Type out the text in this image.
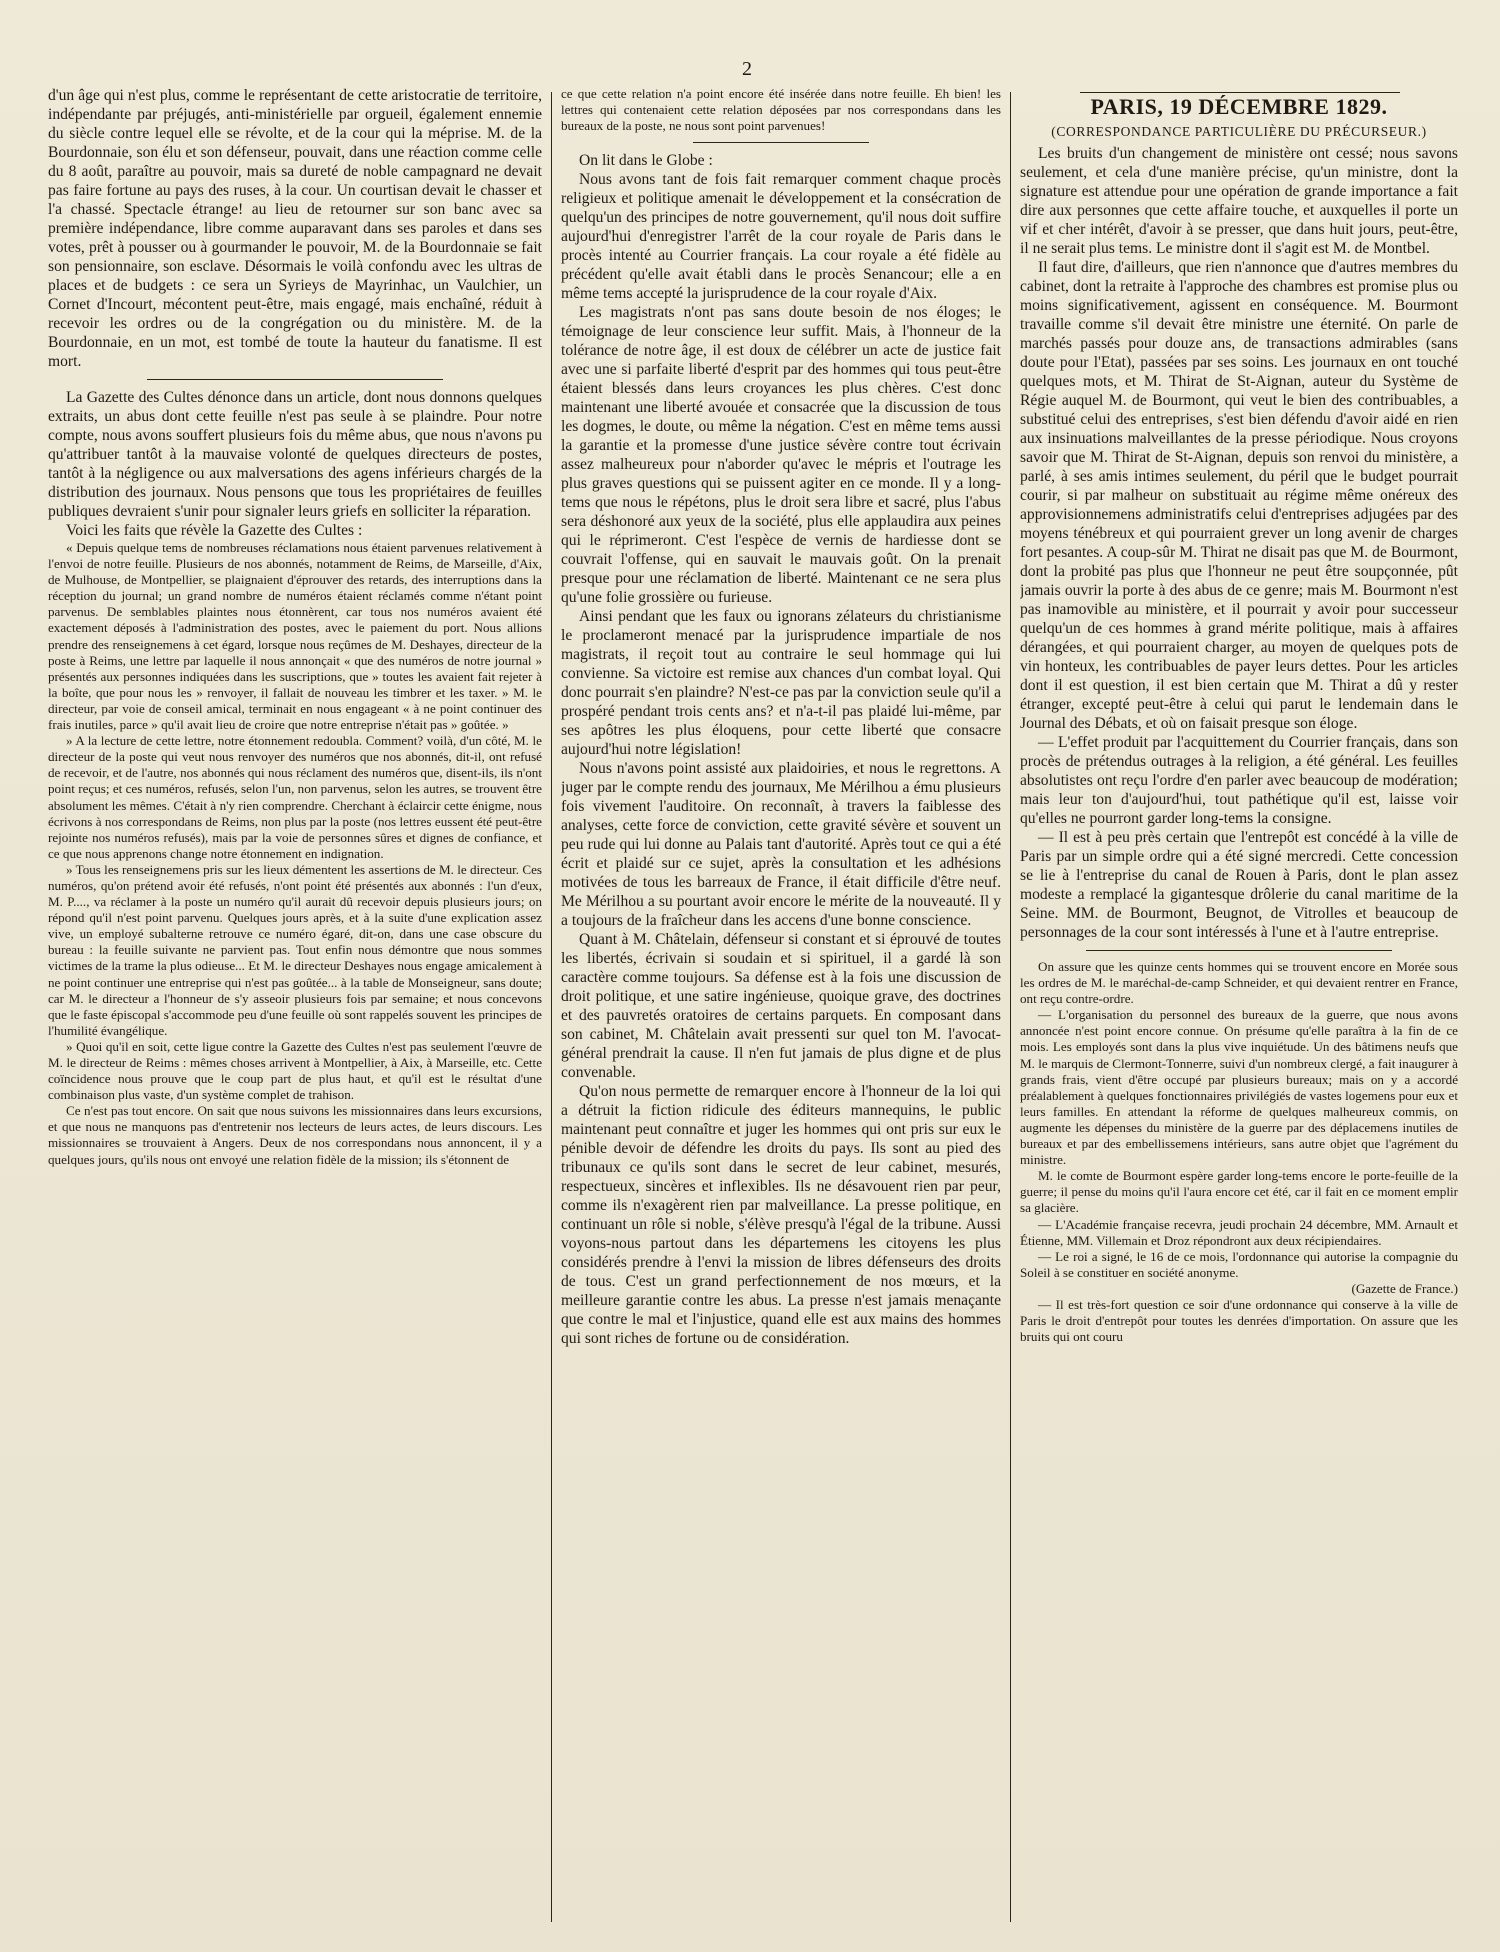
2

d'un âge qui n'est plus, comme le représentant de cette aristocratie de territoire, indépendante par préjugés, anti-ministérielle par orgueil, également ennemie du siècle contre lequel elle se révolte, et de la cour qui la méprise. M. de la Bourdonnaie, son élu et son défenseur, pouvait, dans une réaction comme celle du 8 août, paraître au pouvoir, mais sa dureté de noble campagnard ne devait pas faire fortune au pays des ruses, à la cour. Un courtisan devait le chasser et l'a chassé. Spectacle étrange! au lieu de retourner sur son banc avec sa première indépendance, libre comme auparavant dans ses paroles et dans ses votes, prêt à pousser ou à gourmander le pouvoir, M. de la Bourdonnaie se fait son pensionnaire, son esclave. Désormais le voilà confondu avec les ultras de places et de budgets : ce sera un Syrieys de Mayrinhac, un Vaulchier, un Cornet d'Incourt, mécontent peut-être, mais engagé, mais enchaîné, réduit à recevoir les ordres ou de la congrégation ou du ministère. M. de la Bourdonnaie, en un mot, est tombé de toute la hauteur du fanatisme. Il est mort.

La Gazette des Cultes dénonce dans un article, dont nous donnons quelques extraits, un abus dont cette feuille n'est pas seule à se plaindre. Pour notre compte, nous avons souffert plusieurs fois du même abus, que nous n'avons pu qu'attribuer tantôt à la mauvaise volonté de quelques directeurs de postes, tantôt à la négligence ou aux malversations des agens inférieurs chargés de la distribution des journaux. Nous pensons que tous les propriétaires de feuilles publiques devraient s'unir pour signaler leurs griefs en solliciter la réparation.

Voici les faits que révèle la Gazette des Cultes :

« Depuis quelque tems de nombreuses réclamations nous étaient parvenues relativement à l'envoi de notre feuille. Plusieurs de nos abonnés, notamment de Reims, de Marseille, d'Aix, de Mulhouse, de Montpellier, se plaignaient d'éprouver des retards, des interruptions dans la réception du journal; un grand nombre de numéros étaient réclamés comme n'étant point parvenus. De semblables plaintes nous étonnèrent, car tous nos numéros avaient été exactement déposés à l'administration des postes, avec le paiement du port. Nous allions prendre des renseignemens à cet égard, lorsque nous reçûmes de M. Deshayes, directeur de la poste à Reims, une lettre par laquelle il nous annonçait « que des numéros de notre journal » présentés aux personnes indiquées dans les suscriptions, que » toutes les avaient fait rejeter à la boîte, que pour nous les » renvoyer, il fallait de nouveau les timbrer et les taxer. » M. le directeur, par voie de conseil amical, terminait en nous engageant « à ne point continuer des frais inutiles, parce » qu'il avait lieu de croire que notre entreprise n'était pas » goûtée. »

» A la lecture de cette lettre, notre étonnement redoubla. Comment? voilà, d'un côté, M. le directeur de la poste qui veut nous renvoyer des numéros que nos abonnés, dit-il, ont refusé de recevoir, et de l'autre, nos abonnés qui nous réclament des numéros que, disent-ils, ils n'ont point reçus; et ces numéros, refusés, selon l'un, non parvenus, selon les autres, se trouvent être absolument les mêmes. C'était à n'y rien comprendre. Cherchant à éclaircir cette énigme, nous écrivons à nos correspondans de Reims, non plus par la poste (nos lettres eussent été peut-être rejointe nos numéros refusés), mais par la voie de personnes sûres et dignes de confiance, et ce que nous apprenons change notre étonnement en indignation.

» Tous les renseignemens pris sur les lieux démentent les assertions de M. le directeur. Ces numéros, qu'on prétend avoir été refusés, n'ont point été présentés aux abonnés : l'un d'eux, M. P...., va réclamer à la poste un numéro qu'il aurait dû recevoir depuis plusieurs jours; on répond qu'il n'est point parvenu. Quelques jours après, et à la suite d'une explication assez vive, un employé subalterne retrouve ce numéro égaré, dit-on, dans une case obscure du bureau : la feuille suivante ne parvient pas. Tout enfin nous démontre que nous sommes victimes de la trame la plus odieuse... Et M. le directeur Deshayes nous engage amicalement à ne point continuer une entreprise qui n'est pas goûtée... à la table de Monseigneur, sans doute; car M. le directeur a l'honneur de s'y asseoir plusieurs fois par semaine; et nous concevons que le faste épiscopal s'accommode peu d'une feuille où sont rappelés souvent les principes de l'humilité évangélique.

» Quoi qu'il en soit, cette ligue contre la Gazette des Cultes n'est pas seulement l'œuvre de M. le directeur de Reims : mêmes choses arrivent à Montpellier, à Aix, à Marseille, etc. Cette coïncidence nous prouve que le coup part de plus haut, et qu'il est le résultat d'une combinaison plus vaste, d'un système complet de trahison.

Ce n'est pas tout encore. On sait que nous suivons les missionnaires dans leurs excursions, et que nous ne manquons pas d'entretenir nos lecteurs de leurs actes, de leurs discours. Les missionnaires se trouvaient à Angers. Deux de nos correspondans nous annoncent, il y a quelques jours, qu'ils nous ont envoyé une relation fidèle de la mission; ils s'étonnent de

ce que cette relation n'a point encore été insérée dans notre feuille. Eh bien! les lettres qui contenaient cette relation déposées par nos correspondans dans les bureaux de la poste, ne nous sont point parvenues!

On lit dans le Globe :

Nous avons tant de fois fait remarquer comment chaque procès religieux et politique amenait le développement et la consécration de quelqu'un des principes de notre gouvernement, qu'il nous doit suffire aujourd'hui d'enregistrer l'arrêt de la cour royale de Paris dans le procès intenté au Courrier français. La cour royale a été fidèle au précédent qu'elle avait établi dans le procès Senancour; elle a en même tems accepté la jurisprudence de la cour royale d'Aix.

Les magistrats n'ont pas sans doute besoin de nos éloges; le témoignage de leur conscience leur suffit. Mais, à l'honneur de la tolérance de notre âge, il est doux de célébrer un acte de justice fait avec une si parfaite liberté d'esprit par des hommes qui tous peut-être étaient blessés dans leurs croyances les plus chères. C'est donc maintenant une liberté avouée et consacrée que la discussion de tous les dogmes, le doute, ou même la négation. C'est en même tems aussi la garantie et la promesse d'une justice sévère contre tout écrivain assez malheureux pour n'aborder qu'avec le mépris et l'outrage les plus graves questions qui se puissent agiter en ce monde. Il y a long-tems que nous le répétons, plus le droit sera libre et sacré, plus l'abus sera déshonoré aux yeux de la société, plus elle applaudira aux peines qui le réprimeront. C'est l'espèce de vernis de hardiesse dont se couvrait l'offense, qui en sauvait le mauvais goût. On la prenait presque pour une réclamation de liberté. Maintenant ce ne sera plus qu'une folie grossière ou furieuse.

Ainsi pendant que les faux ou ignorans zélateurs du christianisme le proclameront menacé par la jurisprudence impartiale de nos magistrats, il reçoit tout au contraire le seul hommage qui lui convienne. Sa victoire est remise aux chances d'un combat loyal. Qui donc pourrait s'en plaindre? N'est-ce pas par la conviction seule qu'il a prospéré pendant trois cents ans? et n'a-t-il pas plaidé lui-même, par ses apôtres les plus éloquens, pour cette liberté que consacre aujourd'hui notre législation!

Nous n'avons point assisté aux plaidoiries, et nous le regrettons. A juger par le compte rendu des journaux, Me Mérilhou a ému plusieurs fois vivement l'auditoire. On reconnaît, à travers la faiblesse des analyses, cette force de conviction, cette gravité sévère et souvent un peu rude qui lui donne au Palais tant d'autorité. Après tout ce qui a été écrit et plaidé sur ce sujet, après la consultation et les adhésions motivées de tous les barreaux de France, il était difficile d'être neuf. Me Mérilhou a su pourtant avoir encore le mérite de la nouveauté. Il y a toujours de la fraîcheur dans les accens d'une bonne conscience.

Quant à M. Châtelain, défenseur si constant et si éprouvé de toutes les libertés, écrivain si soudain et si spirituel, il a gardé là son caractère comme toujours. Sa défense est à la fois une discussion de droit politique, et une satire ingénieuse, quoique grave, des doctrines et des pauvretés oratoires de certains parquets. En composant dans son cabinet, M. Châtelain avait pressenti sur quel ton M. l'avocat-général prendrait la cause. Il n'en fut jamais de plus digne et de plus convenable.

Qu'on nous permette de remarquer encore à l'honneur de la loi qui a détruit la fiction ridicule des éditeurs mannequins, le public maintenant peut connaître et juger les hommes qui ont pris sur eux le pénible devoir de défendre les droits du pays. Ils sont au pied des tribunaux ce qu'ils sont dans le secret de leur cabinet, mesurés, respectueux, sincères et inflexibles. Ils ne désavouent rien par peur, comme ils n'exagèrent rien par malveillance. La presse politique, en continuant un rôle si noble, s'élève presqu'à l'égal de la tribune. Aussi voyons-nous partout dans les départemens les citoyens les plus considérés prendre à l'envi la mission de libres défenseurs des droits de tous. C'est un grand perfectionnement de nos mœurs, et la meilleure garantie contre les abus. La presse n'est jamais menaçante que contre le mal et l'injustice, quand elle est aux mains des hommes qui sont riches de fortune ou de considération.

PARIS, 19 DÉCEMBRE 1829.
(CORRESPONDANCE PARTICULIÈRE DU PRÉCURSEUR.)

Les bruits d'un changement de ministère ont cessé; nous savons seulement, et cela d'une manière précise, qu'un ministre, dont la signature est attendue pour une opération de grande importance a fait dire aux personnes que cette affaire touche, et auxquelles il porte un vif et cher intérêt, d'avoir à se presser, que dans huit jours, peut-être, il ne serait plus tems. Le ministre dont il s'agit est M. de Montbel.

Il faut dire, d'ailleurs, que rien n'annonce que d'autres membres du cabinet, dont la retraite à l'approche des chambres est promise plus ou moins significativement, agissent en conséquence. M. Bourmont travaille comme s'il devait être ministre une éternité. On parle de marchés passés pour douze ans, de transactions admirables (sans doute pour l'Etat), passées par ses soins. Les journaux en ont touché quelques mots, et M. Thirat de St-Aignan, auteur du Système de Régie auquel M. de Bourmont, qui veut le bien des contribuables, a substitué celui des entreprises, s'est bien défendu d'avoir aidé en rien aux insinuations malveillantes de la presse périodique. Nous croyons savoir que M. Thirat de St-Aignan, depuis son renvoi du ministère, a parlé, à ses amis intimes seulement, du péril que le budget pourrait courir, si par malheur on substituait au régime même onéreux des approvisionnemens administratifs celui d'entreprises adjugées par des moyens ténébreux et qui pourraient grever un long avenir de charges fort pesantes. A coup-sûr M. Thirat ne disait pas que M. de Bourmont, dont la probité pas plus que l'honneur ne peut être soupçonnée, pût jamais ouvrir la porte à des abus de ce genre; mais M. Bourmont n'est pas inamovible au ministère, et il pourrait y avoir pour successeur quelqu'un de ces hommes à grand mérite politique, mais à affaires dérangées, et qui pourraient charger, au moyen de quelques pots de vin honteux, les contribuables de payer leurs dettes. Pour les articles dont il est question, il est bien certain que M. Thirat a dû y rester étranger, excepté peut-être à celui qui parut le lendemain dans le Journal des Débats, et où on faisait presque son éloge.

— L'effet produit par l'acquittement du Courrier français, dans son procès de prétendus outrages à la religion, a été général. Les feuilles absolutistes ont reçu l'ordre d'en parler avec beaucoup de modération; mais leur ton d'aujourd'hui, tout pathétique qu'il est, laisse voir qu'elles ne pourront garder long-tems la consigne.

— Il est à peu près certain que l'entrepôt est concédé à la ville de Paris par un simple ordre qui a été signé mercredi. Cette concession se lie à l'entreprise du canal de Rouen à Paris, dont le plan assez modeste a remplacé la gigantesque drôlerie du canal maritime de la Seine. MM. de Bourmont, Beugnot, de Vitrolles et beaucoup de personnages de la cour sont intéressés à l'une et à l'autre entreprise.

On assure que les quinze cents hommes qui se trouvent encore en Morée sous les ordres de M. le maréchal-de-camp Schneider, et qui devaient rentrer en France, ont reçu contre-ordre.

— L'organisation du personnel des bureaux de la guerre, que nous avons annoncée n'est point encore connue. On présume qu'elle paraîtra à la fin de ce mois. Les employés sont dans la plus vive inquiétude. Un des bâtimens neufs que M. le marquis de Clermont-Tonnerre, suivi d'un nombreux clergé, a fait inaugurer à grands frais, vient d'être occupé par plusieurs bureaux; mais on y a accordé préalablement à quelques fonctionnaires privilégiés de vastes logemens pour eux et leurs familles. En attendant la réforme de quelques malheureux commis, on augmente les dépenses du ministère de la guerre par des déplacemens inutiles de bureaux et par des embellissemens intérieurs, sans autre objet que l'agrément du ministre.

M. le comte de Bourmont espère garder long-tems encore le porte-feuille de la guerre; il pense du moins qu'il l'aura encore cet été, car il fait en ce moment emplir sa glacière.

— L'Académie française recevra, jeudi prochain 24 décembre, MM. Arnault et Étienne, MM. Villemain et Droz répondront aux deux récipiendaires.

— Le roi a signé, le 16 de ce mois, l'ordonnance qui autorise la compagnie du Soleil à se constituer en société anonyme.

(Gazette de France.)

— Il est très-fort question ce soir d'une ordonnance qui conserve à la ville de Paris le droit d'entrepôt pour toutes les denrées d'importation. On assure que les bruits qui ont couru
